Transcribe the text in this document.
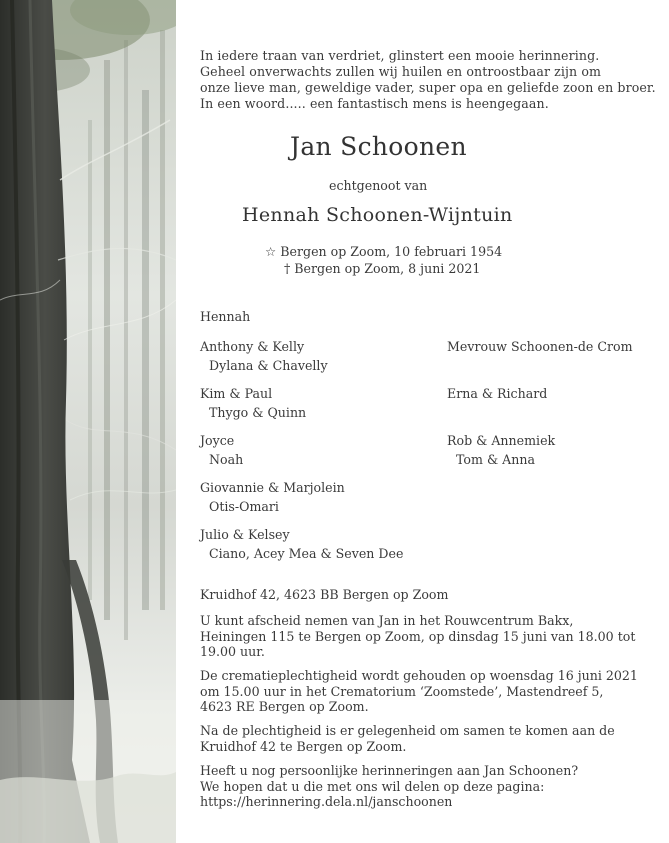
In iedere traan van verdriet, glinstert een mooie herinnering.
Geheel onverwachts zullen wij huilen en ontroostbaar zijn om
onze lieve man, geweldige vader, super opa en geliefde zoon en broer.
In een woord..... een fantastisch mens is heengegaan.
Jan Schoonen
echtgenoot van
Hennah Schoonen-Wijntuin
☆ Bergen op Zoom, 10 februari 1954
† Bergen op Zoom, 8 juni 2021
Hennah
Anthony & Kelly
Dylana & Chavelly
Kim & Paul
Thygo & Quinn
Joyce
Noah
Giovannie & Marjolein
Otis-Omari
Julio & Kelsey
Ciano, Acey Mea & Seven Dee
Mevrouw Schoonen-de Crom
Erna & Richard
Rob & Annemiek
Tom & Anna
Kruidhof 42, 4623 BB Bergen op Zoom
U kunt afscheid nemen van Jan in het Rouwcentrum Bakx,
Heiningen 115 te Bergen op Zoom, op dinsdag 15 juni van 18.00 tot
19.00 uur.
De crematieplechtigheid wordt gehouden op woensdag 16 juni 2021
om 15.00 uur in het Crematorium ‘Zoomstede’, Mastendreef 5,
4623 RE Bergen op Zoom.
Na de plechtigheid is er gelegenheid om samen te komen aan de
Kruidhof 42 te Bergen op Zoom.
Heeft u nog persoonlijke herinneringen aan Jan Schoonen?
We hopen dat u die met ons wil delen op deze pagina:
https://herinnering.dela.nl/janschoonen
